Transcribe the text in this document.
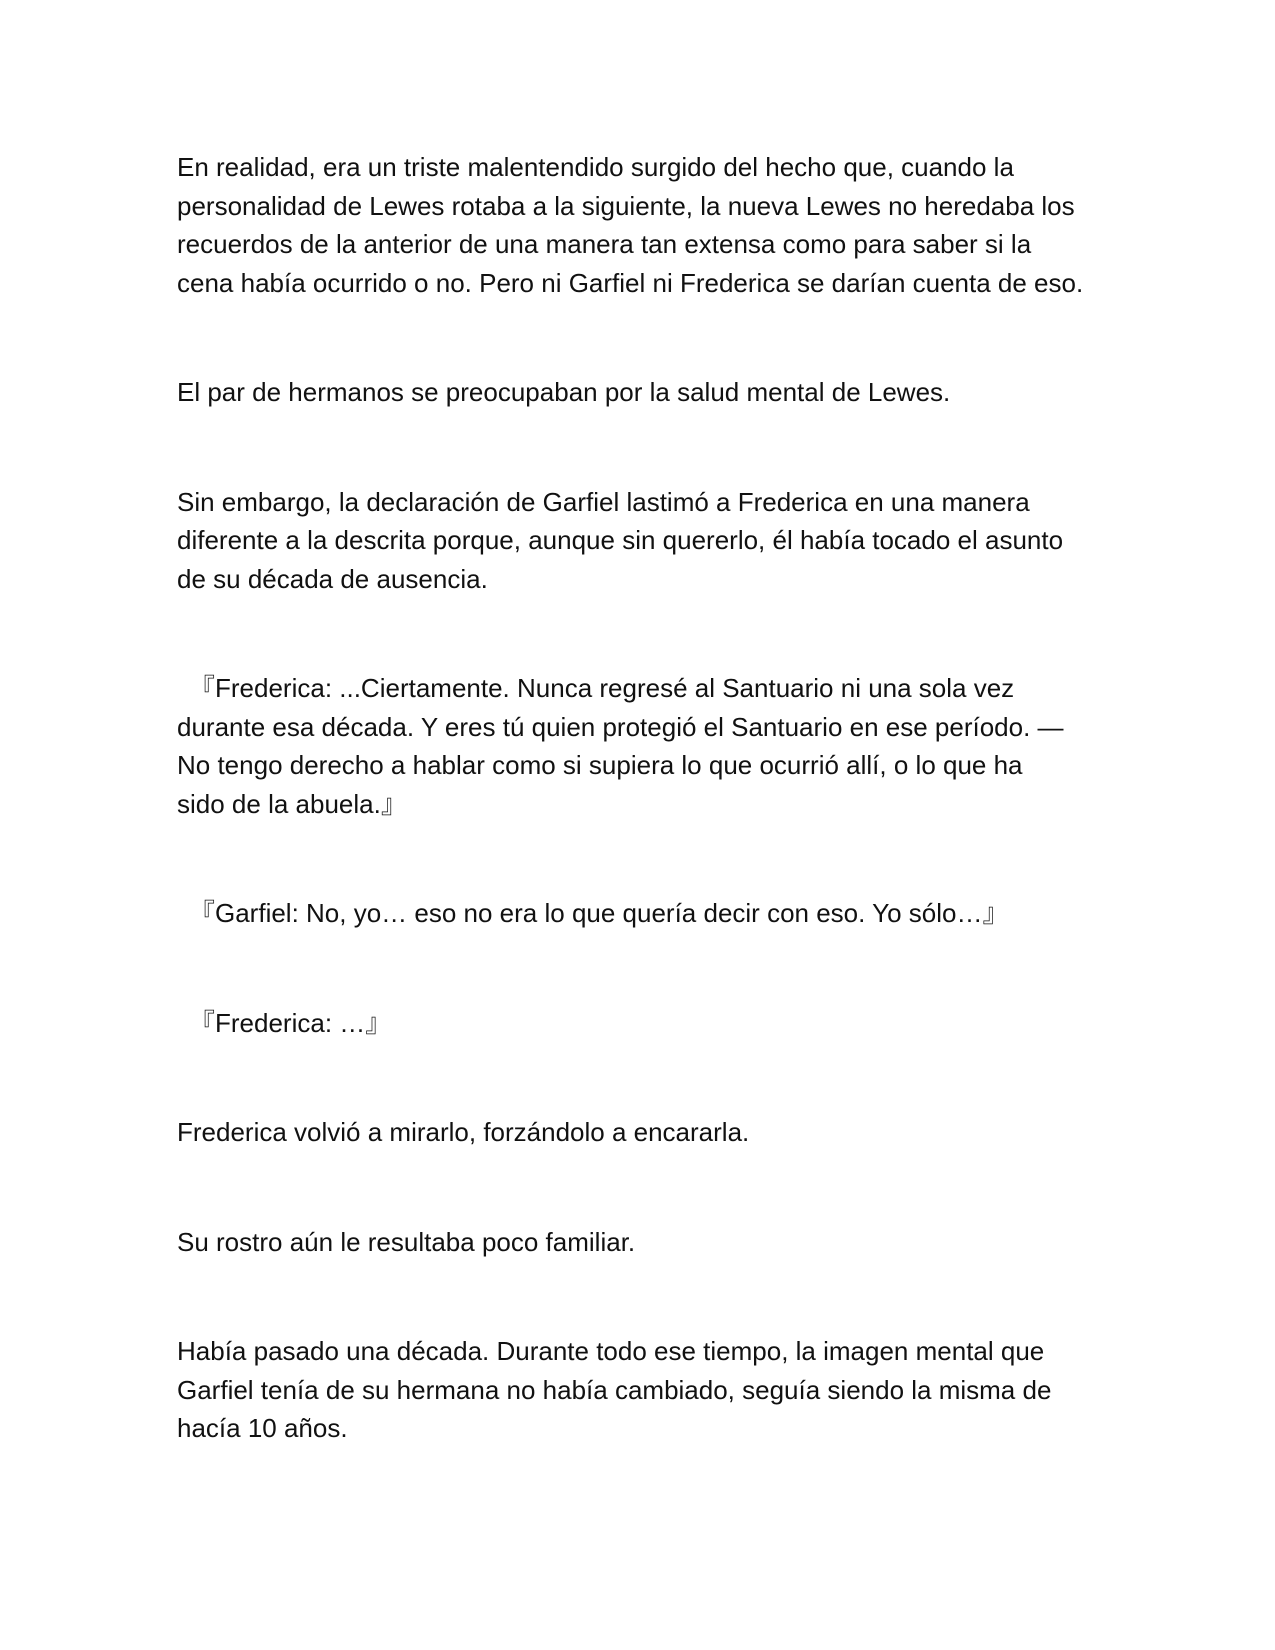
En realidad, era un triste malentendido surgido del hecho que, cuando la
personalidad de Lewes rotaba a la siguiente, la nueva Lewes no heredaba los
recuerdos de la anterior de una manera tan extensa como para saber si la
cena había ocurrido o no. Pero ni Garfiel ni Frederica se darían cuenta de eso.

El par de hermanos se preocupaban por la salud mental de Lewes.

Sin embargo, la declaración de Garfiel lastimó a Frederica en una manera
diferente a la descrita porque, aunque sin quererlo, él había tocado el asunto
de su década de ausencia.

『Frederica: ...Ciertamente. Nunca regresé al Santuario ni una sola vez
durante esa década. Y eres tú quien protegió el Santuario en ese período. —
No tengo derecho a hablar como si supiera lo que ocurrió allí, o lo que ha
sido de la abuela.』

『Garfiel: No, yo… eso no era lo que quería decir con eso. Yo sólo…』

『Frederica: …』

Frederica volvió a mirarlo, forzándolo a encararla.

Su rostro aún le resultaba poco familiar.

Había pasado una década. Durante todo ese tiempo, la imagen mental que
Garfiel tenía de su hermana no había cambiado, seguía siendo la misma de
hacía 10 años.
